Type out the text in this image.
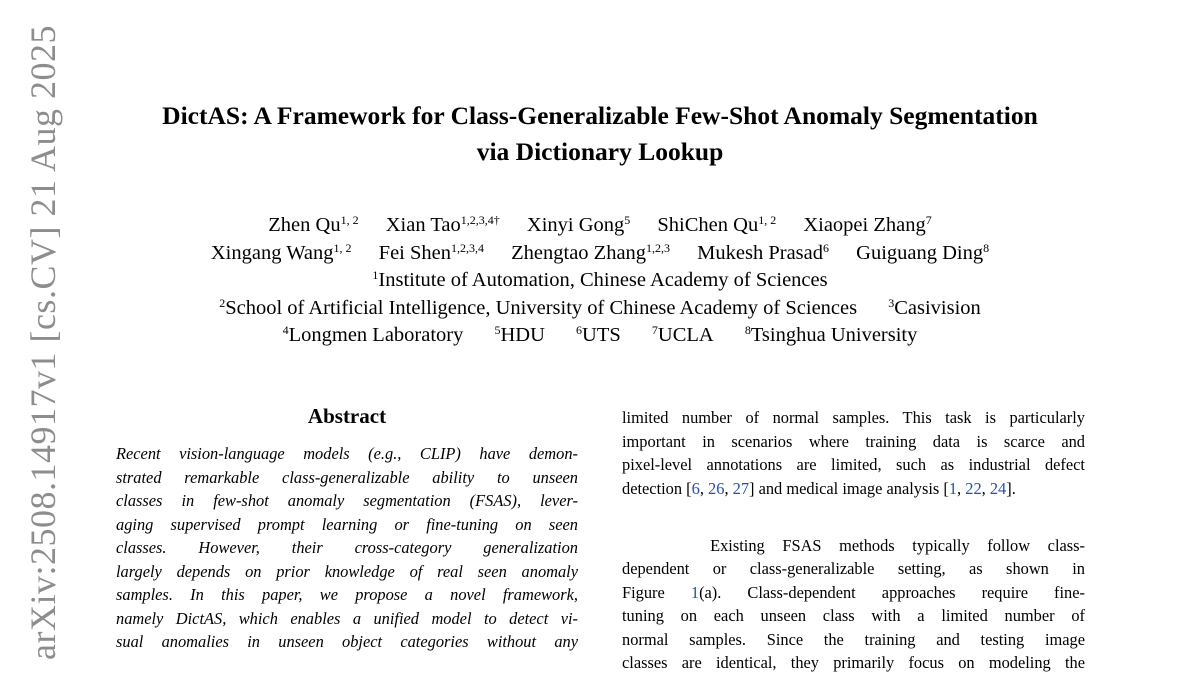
arXiv:2508.14917v1 [cs.CV] 21 Aug 2025	DictAS: A Framework for Class-Generalizable Few-Shot Anomaly Segmentation
via Dictionary Lookup
Zhen Qu$^{1, 2}$ Xian Tao$^{1,2,3,4\dagger}$ Xinyi Gong$^5$ ShiChen Qu$^{1, 2}$ Xiaopei Zhang$^7$
Xingang Wang$^{1, 2}$ Fei Shen$^{1,2,3,4}$ Zhengtao Zhang$^{1,2,3}$ Mukesh Prasad$^6$ Guiguang Ding$^8$
$^1$Institute of Automation, Chinese Academy of Sciences
$^2$School of Artificial Intelligence, University of Chinese Academy of Sciences	$^3$Casivision
$^4$Longmen Laboratory	$^5$HDU	$^6$UTS	$^7$UCLA	$^8$Tsinghua University
Abstract
Recent vision-language models (e.g., CLIP) have demon-
strated remarkable class-generalizable ability to unseen
classes in few-shot anomaly segmentation (FSAS), lever-
aging supervised prompt learning or fine-tuning on seen
classes. However, their cross-category generalization
largely depends on prior knowledge of real seen anomaly
samples. In this paper, we propose a novel framework,
namely DictAS, which enables a unified model to detect vi-
sual anomalies in unseen object categories without any
limited number of normal samples. This task is particularly
important in scenarios where training data is scarce and
pixel-level annotations are limited, such as industrial defect
detection [6, 26, 27] and medical image analysis [1, 22, 24].

Existing FSAS methods typically follow class-
dependent or class-generalizable setting, as shown in
Figure 1(a). Class-dependent approaches require fine-
tuning on each unseen class with a limited number of
normal samples. Since the training and testing image
classes are identical, they primarily focus on modeling the
